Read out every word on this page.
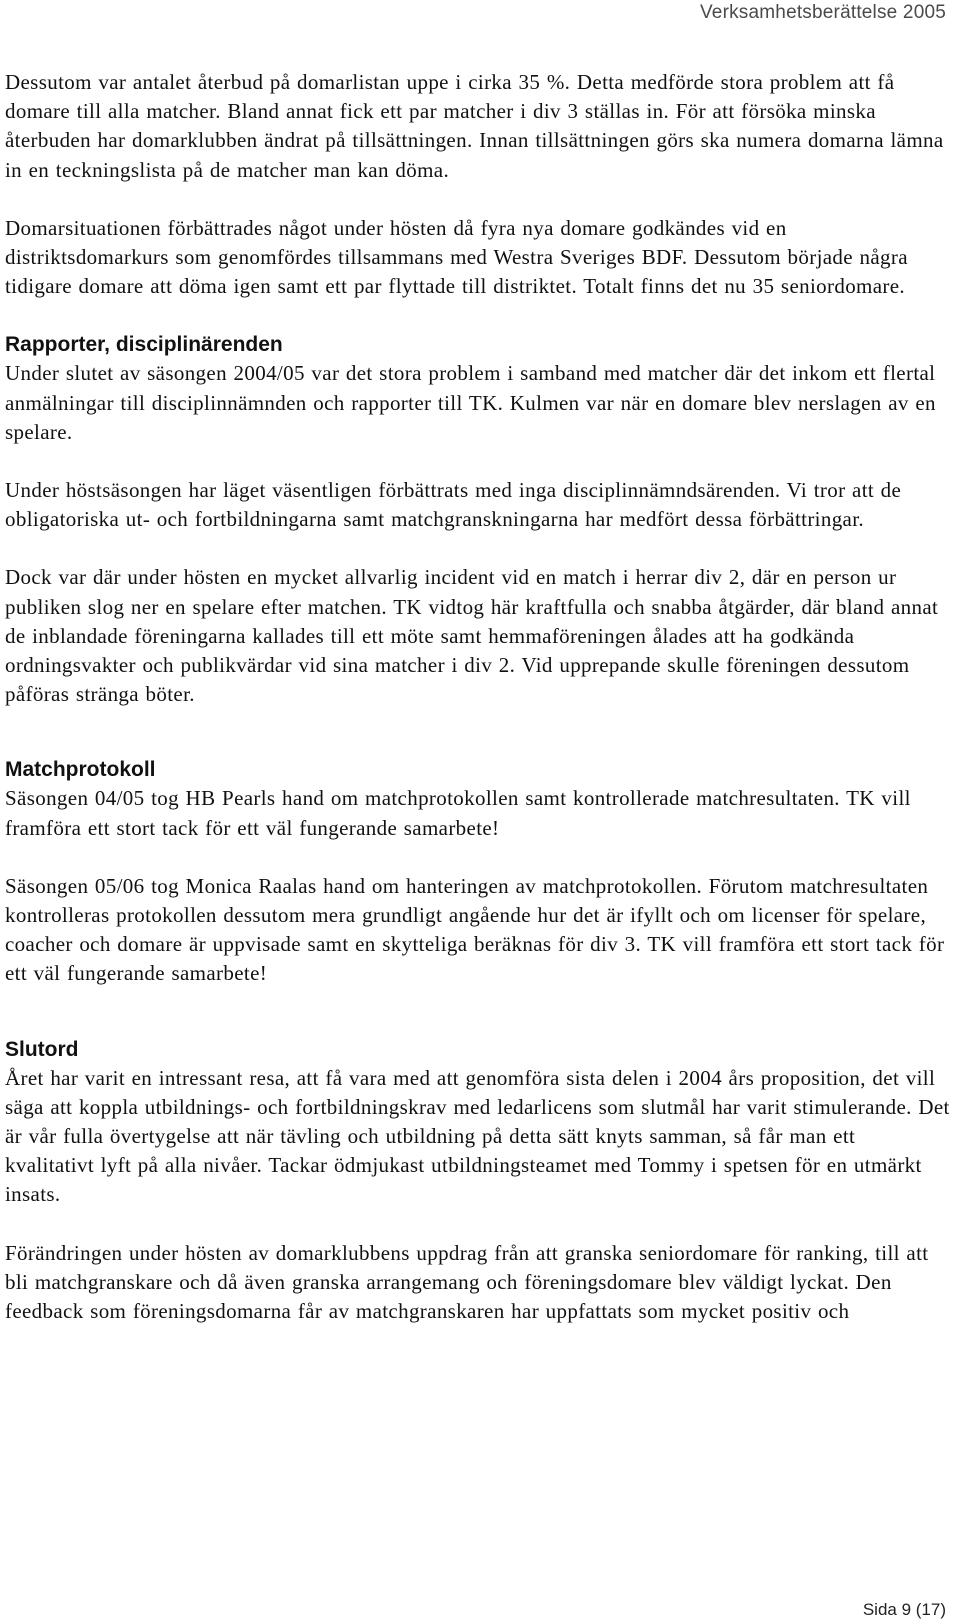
Verksamhetsberättelse 2005

Dessutom var antalet återbud på domarlistan uppe i cirka 35 %. Detta medförde stora problem att få domare till alla matcher. Bland annat fick ett par matcher i div 3 ställas in. För att försöka minska återbuden har domarklubben ändrat på tillsättningen. Innan tillsättningen görs ska numera domarna lämna in en teckningslista på de matcher man kan döma.

Domarsituationen förbättrades något under hösten då fyra nya domare godkändes vid en distriktsdomarkurs som genomfördes tillsammans med Westra Sveriges BDF. Dessutom började några tidigare domare att döma igen samt ett par flyttade till distriktet. Totalt finns det nu 35 seniordomare.

Rapporter, disciplinärenden

Under slutet av säsongen 2004/05 var det stora problem i samband med matcher där det inkom ett flertal anmälningar till disciplinnämnden och rapporter till TK. Kulmen var när en domare blev nerslagen av en spelare.

Under höstsäsongen har läget väsentligen förbättrats med inga disciplinnämndsärenden. Vi tror att de obligatoriska ut- och fortbildningarna samt matchgranskningarna har medfört dessa förbättringar.

Dock var där under hösten en mycket allvarlig incident vid en match i herrar div 2, där en person ur publiken slog ner en spelare efter matchen. TK vidtog här kraftfulla och snabba åtgärder, där bland annat de inblandade föreningarna kallades till ett möte samt hemmaföreningen ålades att ha godkända ordningsvakter och publikvärdar vid sina matcher i div 2. Vid upprepande skulle föreningen dessutom påföras stränga böter.

Matchprotokoll

Säsongen 04/05 tog HB Pearls hand om matchprotokollen samt kontrollerade matchresultaten. TK vill framföra ett stort tack för ett väl fungerande samarbete!

Säsongen 05/06 tog Monica Raalas hand om hanteringen av matchprotokollen. Förutom matchresultaten kontrolleras protokollen dessutom mera grundligt angående hur det är ifyllt och om licenser för spelare, coacher och domare är uppvisade samt en skytteliga beräknas för div 3. TK vill framföra ett stort tack för ett väl fungerande samarbete!

Slutord

Året har varit en intressant resa, att få vara med att genomföra sista delen i 2004 års proposition, det vill säga att koppla utbildnings- och fortbildningskrav med ledarlicens som slutmål har varit stimulerande. Det är vår fulla övertygelse att när tävling och utbildning på detta sätt knyts samman, så får man ett kvalitativt lyft på alla nivåer. Tackar ödmjukast utbildningsteamet med Tommy i spetsen för en utmärkt insats.

Förändringen under hösten av domarklubbens uppdrag från att granska seniordomare för ranking, till att bli matchgranskare och då även granska arrangemang och föreningsdomare blev väldigt lyckat. Den feedback som föreningsdomarna får av matchgranskaren har uppfattats som mycket positiv och

Sida 9 (17)
